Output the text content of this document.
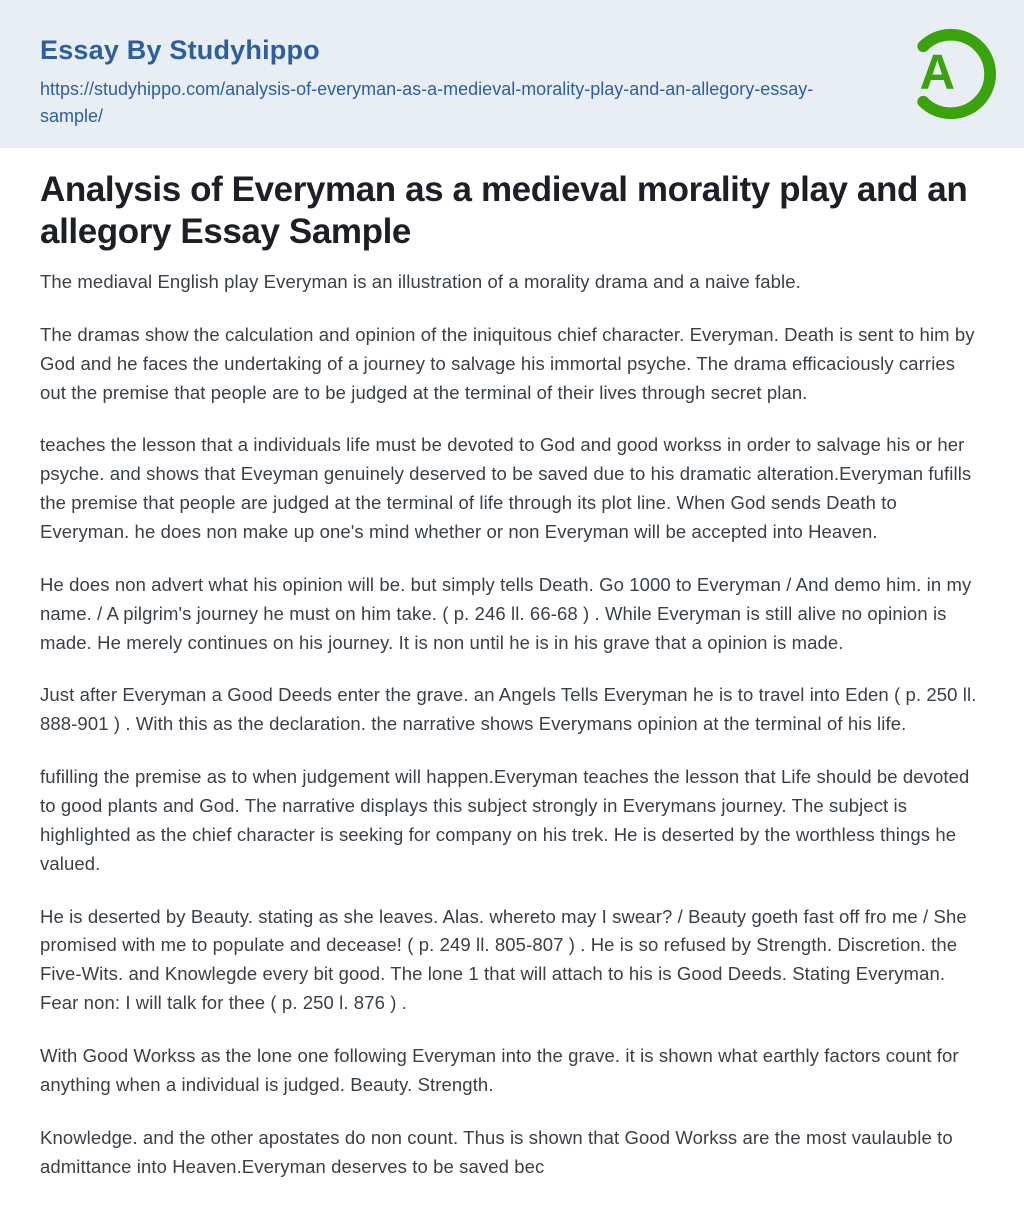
Essay By Studyhippo
https://studyhippo.com/analysis-of-everyman-as-a-medieval-morality-play-and-an-allegory-essay-sample/
A
Analysis of Everyman as a medieval morality play and an allegory Essay Sample

The mediaval English play Everyman is an illustration of a morality drama and a naive fable.

The dramas show the calculation and opinion of the iniquitous chief character. Everyman. Death is sent to him by God and he faces the undertaking of a journey to salvage his immortal psyche. The drama efficaciously carries out the premise that people are to be judged at the terminal of their lives through secret plan.

teaches the lesson that a individuals life must be devoted to God and good workss in order to salvage his or her psyche. and shows that Eveyman genuinely deserved to be saved due to his dramatic alteration.Everyman fufills the premise that people are judged at the terminal of life through its plot line. When God sends Death to Everyman. he does non make up one's mind whether or non Everyman will be accepted into Heaven.

He does non advert what his opinion will be. but simply tells Death. Go 1000 to Everyman / And demo him. in my name. / A pilgrim's journey he must on him take. ( p. 246 ll. 66-68 ) . While Everyman is still alive no opinion is made. He merely continues on his journey. It is non until he is in his grave that a opinion is made.

Just after Everyman a Good Deeds enter the grave. an Angels Tells Everyman he is to travel into Eden ( p. 250 ll. 888-901 ) . With this as the declaration. the narrative shows Everymans opinion at the terminal of his life.

fufilling the premise as to when judgement will happen.Everyman teaches the lesson that Life should be devoted to good plants and God. The narrative displays this subject strongly in Everymans journey. The subject is highlighted as the chief character is seeking for company on his trek. He is deserted by the worthless things he valued.

He is deserted by Beauty. stating as she leaves. Alas. whereto may I swear? / Beauty goeth fast off fro me / She promised with me to populate and decease! ( p. 249 ll. 805-807 ) . He is so refused by Strength. Discretion. the Five-Wits. and Knowlegde every bit good. The lone 1 that will attach to his is Good Deeds. Stating Everyman. Fear non: I will talk for thee ( p. 250 l. 876 ) .

With Good Workss as the lone one following Everyman into the grave. it is shown what earthly factors count for anything when a individual is judged. Beauty. Strength.

Knowledge. and the other apostates do non count. Thus is shown that Good Workss are the most vaulauble to admittance into Heaven.Everyman deserves to be saved bec
